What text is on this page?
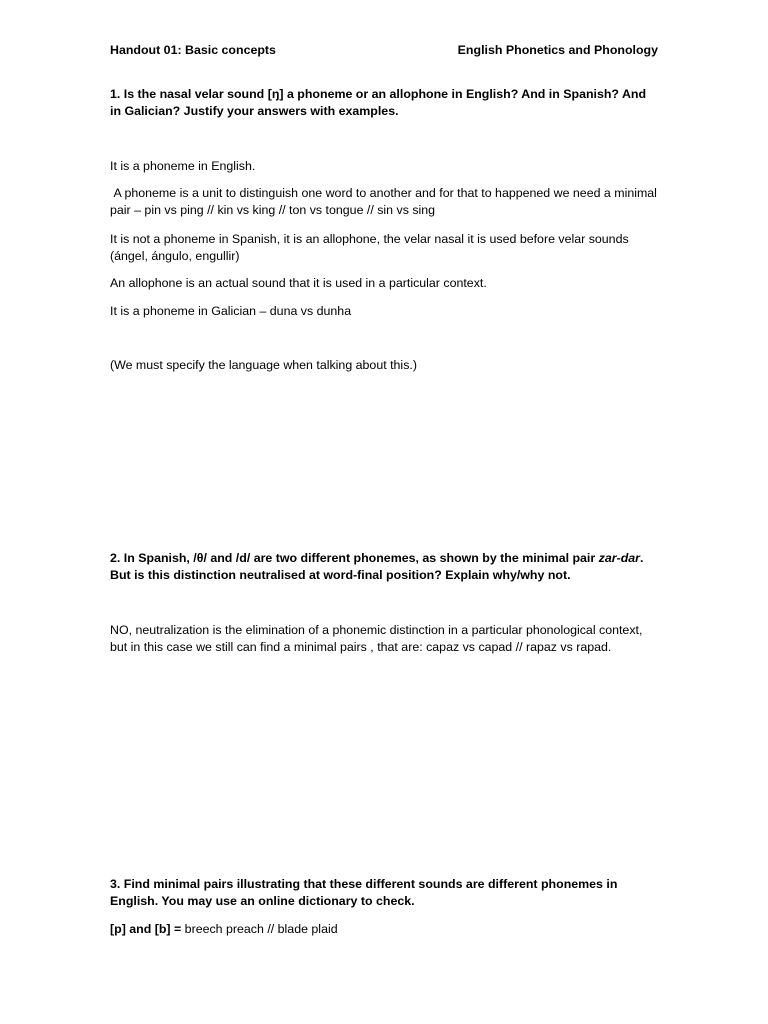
Handout 01: Basic concepts	English Phonetics and Phonology
1. Is the nasal velar sound [ŋ] a phoneme or an allophone in English? And in Spanish? And in Galician? Justify your answers with examples.

It is a phoneme in English.

A phoneme is a unit to distinguish one word to another and for that to happened we need a minimal pair – pin vs ping // kin vs king // ton vs tongue // sin vs sing

It is not a phoneme in Spanish, it is an allophone, the velar nasal it is used before velar sounds (ángel, ángulo, engullir)

An allophone is an actual sound that it is used in a particular context.

It is a phoneme in Galician – duna vs dunha

(We must specify the language when talking about this.)

2. In Spanish, /θ/ and /d/ are two different phonemes, as shown by the minimal pair zar-dar. But is this distinction neutralised at word-final position? Explain why/why not.

NO, neutralization is the elimination of a phonemic distinction in a particular phonological context, but in this case we still can find a minimal pairs , that are: capaz vs capad // rapaz vs rapad.

3. Find minimal pairs illustrating that these different sounds are different phonemes in English. You may use an online dictionary to check.

[p] and [b] = breech preach // blade plaid
